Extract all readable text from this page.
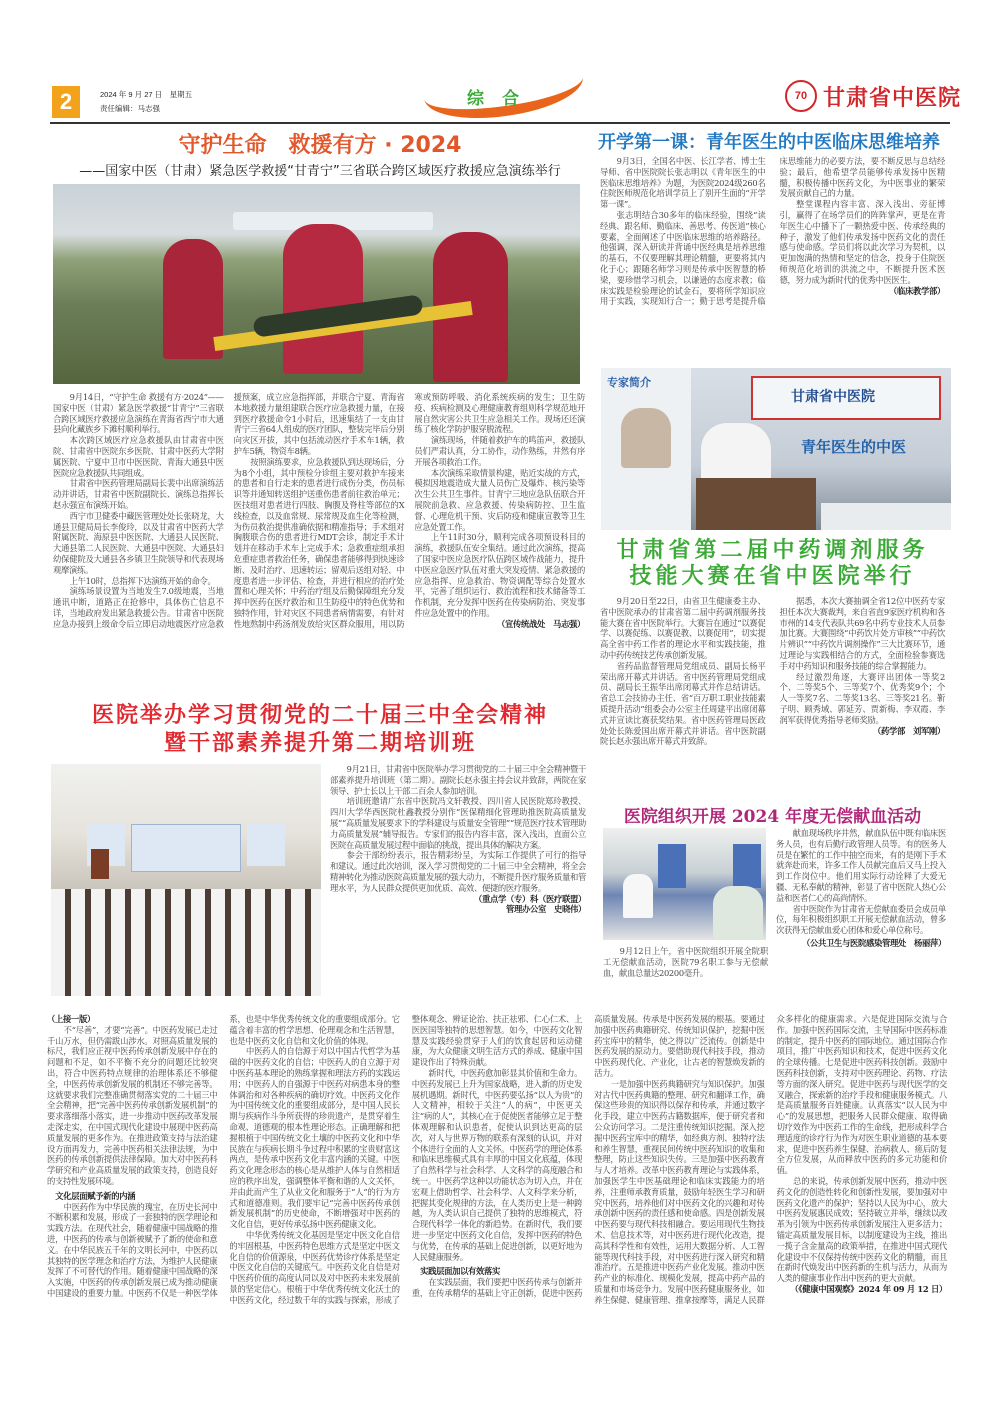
2	2024 年 9 月 27 日　星期五
责任编辑：马志强	综合	70 甘肃省中医院
守护生命　救援有方 · 2024
——国家中医（甘肃）紧急医学救援“甘青宁”三省联合跨区域医疗救援应急演练举行

9月14日，“守护生命 救援有方·2024”——国家中医（甘肃）紧急医学救援“甘青宁”三省联合跨区域医疗救援应急演练在青海省西宁市大通县向化藏族乡下滩村顺利举行。

本次跨区域医疗应急救援队由甘肃省中医院、甘肃省中医院东乡医院、甘肃中医药大学附属医院、宁夏中卫市中医医院、青海大通县中医医院应急救援队共同组成。

甘肃省中医药管理局副局长裴中出席演练活动并讲话，甘肃省中医院副院长、演练总指挥长赵永强宣布演练开始。

西宁市卫健委中藏医管理处处长张晓龙，大通县卫健局局长李俊玲，以及甘肃省中医药大学附属医院、海原县中医医院、大通县人民医院、大通县第二人民医院、大通县中医院、大通县妇幼保健院及大通县各乡镇卫生院领导和代表现场观摩演练。

上午10时，总指挥下达演练开始的命令。

演练场景设置为当地发生7.0级地震，当地通讯中断，道路正在抢修中，具体伤亡信息不详，当地政府发出紧急救援公告。甘肃省中医院应急办接到上级命令后立即启动地震医疗应急救援预案，成立应急指挥部，并联合宁夏、青海省本地救援力量组建联合医疗应急救援力量，在接到医疗救援命令1小时后，迅速集结了一支由甘青宁三省64人组成的医疗团队，整装完毕后分别向灾区开拔，其中包括流动医疗手术车1辆，救护车5辆，物资车8辆。

按照演练要求，应急救援队到达现场后，分为8个小组，其中预检分诊组主要对救护车接来的患者和自行走来的患者进行成伤分类，伤员标识等并通知转送组护送重伤患者前往救治单元；医技组对患者进行四肢、胸腹及脊柱等部位的X线检查，以及血常规、尿常规及血生化等检测，为伤员救治提供准确依据和精准指导；手术组对胸腹联合伤的患者进行MDT会诊，制定手术计划并在移动手术车上完成手术；急救重症组承担危重症患者救治任务，确保患者能够得到快速诊断、及时治疗、迅速转运；留观后送组对轻、中度患者进一步评估、检查，并进行相应的治疗处置和心理关怀；中药治疗组及后勤保障组充分发挥中医药在医疗救治和卫生防疫中的特色优势和独特作用，针对灾区不同患者病情需要，有针对性地熬制中药汤剂发放给灾区群众服用，用以防寒或预防呼吸、消化系统疾病的发生；卫生防疫、疾病检测及心理健康教育组则科学规范地开展自然灾害公共卫生应急相关工作。现场还还演练了核化学防护服穿脱流程。

演练现场，伴随着救护车的鸣笛声，救援队员们严肃认真，分工协作，动作熟练，井然有序开展各项救治工作。

本次演练采取情景构建，贴近实战的方式，模拟因地震造成大量人员伤亡及爆炸、核污染等次生公共卫生事件。甘青宁三地应急队伍联合开展院前急救、应急救援、传染病防控、卫生监督、心理危机干预、灾后防疫和健康宣教等卫生应急处置工作。

上午11时30分，顺利完成各项预设科目的演练，救援队伍安全集结。通过此次演练，提高了国家中医应急医疗队伍跨区域作战能力，提升中医应急医疗队伍对重大突发疫情、紧急救援的应急指挥、应急救治、物资调配等综合处置水平，完善了组织运行、救治流程和技术储备等工作机制，充分发挥中医药在传染病防治、突发事件应急处置中的作用。

（宣传统战处　马志强）

开学第一课：青年医生的中医临床思维培养

9月3日，全国名中医、长江学者、博士生导师、省中医院院长张志明以《青年医生的中医临床思维培养》为题，为医院2024级260名住院医师规范化培训学员上了别开生面的“开学第一课”。

张志明结合30多年的临床经验，围绕“读经典、跟名师、勤临床、善思考、传医道”核心要素，全面阐述了中医临床思维的培养路径。他强调，深入研读并背诵中医经典是培养思维的基石，不仅要理解其理论精髓，更要将其内化于心；跟随名师学习则是传承中医智慧的桥梁，要珍惜学习机会，以谦逊的态度求教；临床实践是检验理论的试金石，要将所学知识应用于实践，实现知行合一；勤于思考是提升临床思维能力的必要方法，要不断反思与总结经验；最后，他希望学员能够传承发扬中医精髓，积极传播中医药文化，为中医事业的繁荣发展贡献自己的力量。

整堂课程内容丰富、深入浅出、旁征博引，赢得了在场学员们的阵阵掌声，更是在青年医生心中播下了一颗热爱中医、传承经典的种子，激发了他们传承发扬中医药文化的责任感与使命感。学员们将以此次学习为契机，以更加饱满的热情和坚定的信念，投身于住院医师规范化培训的洪流之中，不断提升医术医德，努力成为新时代的优秀中医医生。

（临床教学部）

专家简介
甘肃省中医院
青年医生的中医
甘肃省第二届中药调剂服务
技能大赛在省中医院举行

9月20日至22日，由省卫生健康委主办、省中医院承办的甘肃省第二届中药调剂服务技能大赛在省中医院举行。大赛旨在通过“以赛促学、以赛促练、以赛促教、以赛促用”，切实提高全省中药工作者的理论水平和实践技能，推动中药传统技艺传承创新发展。

省药品监督管理局党组成员、副局长杨平荣出席开幕式并讲话。省中医药管理局党组成员、副局长王振华出席闭幕式并作总结讲话。省总工会技协办主任、省“百万职工职业技能素质提升活动”组委会办公室主任周建平出席闭幕式并宣读比赛获奖结果。省中医药管理局医政处处长陈爱国出席开幕式并讲话。省中医院副院长赵永强出席开幕式并致辞。

据悉，本次大赛抽调全省12位中医药专家担任本次大赛裁判，来自省直9家医疗机构和各市州的14支代表队共69名中药专业技术人员参加比赛。大赛围绕“中药饮片处方审核”“中药饮片辨识”“中药饮片调剂操作”三大比赛环节，通过理论与实践相结合的方式，全面检验参赛选手对中药知识和服务技能的综合掌握能力。

经过激烈角逐，大赛评出团体一等奖2个、二等奖5个、三等奖7个、优秀奖9个；个人一等奖7名、二等奖13名、三等奖21名。靳子明、顾秀域、郭延芳、贾新梅、李双霞、李润军获得优秀指导老师奖励。

（药学部　刘军刚）

医院组织开展 2024 年度无偿献血活动

9月12日上午，省中医院组织开展全院职工无偿献血活动，医院79名职工参与无偿献血，献血总量达20200毫升。

献血现场秩序井然，献血队伍中既有临床医务人员，也有后勤行政管理人员等。有的医务人员是在繁忙的工作中抽空而来，有的是刚下手术就奔赴而来，许多工作人员献完血后又马上投入到工作岗位中。他们用实际行动诠释了大爱无疆、无私奉献的精神，彰显了省中医院人热心公益和医者仁心的高尚情怀。

省中医院作为甘肃省无偿献血委员会成员单位，每年积极组织职工开展无偿献血活动，曾多次获得无偿献血爱心团体和爱心单位称号。

（公共卫生与医院感染管理处　杨丽萍）

医院举办学习贯彻党的二十届三中全会精神
暨干部素养提升第二期培训班

9月21日，甘肃省中医院举办学习贯彻党的二十届三中全会精神暨干部素养提升培训班（第二期）。副院长赵永强主持会议并致辞，两院在家领导、护士长以上干部二百余人参加培训。

培训班邀请广东省中医院冯文轩教授、四川省人民医院郑玲教授、四川大学华西医院杜鑫教授分别作“医保精细化管理助推医院高质量发展”“高质量发展要求下的学科建设与质量安全管理”“规范医疗技术管理助力高质量发展”辅导报告。专家们的报告内容丰富，深入浅出，直面公立医院在高质量发展过程中面临的挑战，提出具体的解决方案。

参会干部纷纷表示，报告精彩纷呈，为实际工作提供了可行的指导和建议。通过此次培训，深入学习贯彻党的二十届三中全会精神，将全会精神转化为推动医院高质量发展的强大动力，不断提升医疗服务质量和管理水平，为人民群众提供更加优质、高效、便捷的医疗服务。

（重点学（专）科（医疗联盟）
管理办公室　史晓伟）

（上接一版）

不“尽善”，才要“完善”。中医药发展已走过千山万水，但仍需跋山涉水。对照高质量发展的标尺，我们应正视中医药传承创新发展中存在的问题和不足，如不平衡不充分的问题还比较突出，符合中医药特点规律的治理体系还不够健全，中医药传承创新发展的机制还不够完善等。这就要求我们完整准确贯彻落实党的二十届三中全会精神，把“完善中医药传承创新发展机制”的要求落细落小落实，进一步推动中医药改革发展走深走实，在中国式现代化建设中展现中医药高质量发展的更多作为。在推进政策支持与法治建设方面再发力，完善中医药相关法律法规，为中医药的传承创新提供法律保障。加大对中医药科学研究和产业高质量发展的政策支持，创造良好的支持性发展环境。

文化层面赋予新的内涵

中医药作为中华民族的瑰宝，在历史长河中不断积累和发展，形成了一套独特的医学理论和实践方法。在现代社会，随着健康中国战略的推进，中医药的传承与创新被赋予了新的使命和意义。在中华民族五千年的文明长河中，中医药以其独特的医学理念和治疗方法，为维护人民健康发挥了不可替代的作用。随着健康中国战略的深入实施，中医药的传承创新发展已成为推动健康中国建设的重要力量。中医药不仅是一种医学体系，也是中华优秀传统文化的重要组成部分。它蕴含着丰富的哲学思想、伦理观念和生活智慧，也是中医药文化自信和文化价值的体现。

中医药人的自信源于对以中国古代哲学为基础的中医药文化的自信；中医药人的自立源于对中医药基本理论的熟练掌握和理法方药的实践运用；中医药人的自强源于中医药对病患本身的整体调治和对各种疾病的确切疗效。中医药文化作为中国传统文化的重要组成部分，是中国人民长期与疾病作斗争所获得的珍贵遗产，是贯穿着生命观、道德观的根本性理论形态。正确理解和把握根植于中国传统文化土壤的中医药文化和中华民族在与疾病长期斗争过程中积累的宝贵财富这两点，是传承中医药文化丰富内涵的关键。中医药文化理念形态的核心是从维护人体与自然相适应的秩序出发，强调整体平衡和谐的人文关怀，并由此而产生了从业文化和服务于“人”的行为方式和道德准则。我们要牢记“完善中医药传承创新发展机制”的历史使命，不断增强对中医药的文化自信，更好传承弘扬中医药健康文化。

中华优秀传统文化基因是坚定中医文化自信的牢固根基，中医药特色思维方式是坚定中医文化自信的价值源泉，中医药优势诊疗体系是坚定中医文化自信的关键底气。中医药文化自信是对中医药价值的高度认同以及对中医药未来发展前景的坚定信心。根植于中华优秀传统文化沃土的中医药文化，经过数千年的实践与探索，形成了整体观念、辨证论治、扶正祛邪、仁心仁术、上医医国等独特的思想智慧。如今，中医药文化智慧及实践经验贯穿于人们的饮食起居和运动健康，为大众健康文明生活方式的养成、健康中国建设作出了特殊贡献。

新时代，中医药愈加彰显其价值和生命力。中医药发展已上升为国家战略，进入新的历史发展机遇期。新时代，中医药要弘扬“以人为贵”的人文精神，相较于关注“人的病”，中医更关注“病的人”，其核心在于促使医者能够立足于整体观理解和认识患者，促使认识到达更高的层次，对人与世界万物的联系有深刻的认识，并对个体进行全面的人文关怀。中医药学的理论体系和临床思维模式具有丰厚的中国文化底蕴，体现了自然科学与社会科学、人文科学的高度融合和统一。中医药学这种以功能状态为切入点，并在宏观上借助哲学、社会科学、人文科学来分析，把握其变化规律的方法，在人类历史上是一种跨越，为人类认识自己提供了独特的思维模式，符合现代科学一体化的新趋势。在新时代，我们要进一步坚定中医药文化自信，发挥中医药的特色与优势，在传承的基础上促进创新，以更好地为人民健康服务。

实践层面加以有效落实

在实践层面，我们要把中医药传承与创新并重，在传承精华的基础上守正创新，促进中医药高质量发展。传承是中医药发展的根基。要通过加强中医药典籍研究、传统知识保护，挖掘中医药宝库中的精华，使之得以广泛流传。创新是中医药发展的原动力。要借助现代科技手段，推动中医药现代化、产业化，让古老的智慧焕发新的活力。

一是加强中医药典籍研究与知识保护。加强对古代中医药典籍的整理、研究和翻译工作，确保这些珍贵的知识得以保存和传承，并通过数字化手段，建立中医药古籍数据库，便于研究者和公众访问学习。二是注重传统知识挖掘。深入挖掘中医药宝库中的精华，如经典方剂、独特疗法和养生智慧，重视民间传统中医药知识的收集和整理，防止这些知识失传。三是加强中医药教育与人才培养。改革中医药教育理论与实践体系，加强医学生中医基础理论和临床实践能力的培养，注重师承教育质量，鼓励年轻医生学习和研究中医药，培养他们对中医药文化的兴趣和对传承创新中医药的责任感和使命感。四是创新发展中医药要与现代科技相融合。要运用现代生物技术、信息技术等，对中医药进行现代化改造，提高其科学性和有效性，运用大数据分析、人工智能等现代科技手段，对中医药进行深入研究和精准治疗。五是推进中医药产业化发展。推动中医药产业的标准化、规模化发展，提高中药产品的质量和市场竞争力。发展中医药健康服务业，如养生保健、健康管理、推拿按摩等，满足人民群众多样化的健康需求。六是促进国际交流与合作。加强中医药国际交流，主导国际中医药标准的制定，提升中医药的国际地位。通过国际合作项目，推广中医药知识和技术，促进中医药文化的全球传播。七是促进中医药科技创新。鼓励中医药科技创新，支持对中医药理论、药物、疗法等方面的深入研究。促进中医药与现代医学的交叉融合，探索新的治疗手段和健康服务模式。八是高质量服务百姓健康。认真落实“以人民为中心”的发展思想，把服务人民群众健康、取得确切疗效作为中医药工作的生命线，把形成科学合理适度的诊疗行为作为对医生职业道德的基本要求，促进中医药养生保健、治病救人、瘥后防复全方位发展，从而释放中医药的多元功能和价值。

总的来说，传承创新发展中医药，推动中医药文化的创造性转化和创新性发展，要加强对中医药文化遗产的保护；坚持以人民为中心，放大中医药发展惠民成效；坚持破立并举，继续以改革为引领为中医药传承创新发展注入更多活力；锚定高质量发展目标，以制度建设为主线，推出一揽子含金量高的政策举措，在推进中国式现代化建设中不仅保持传统中医药文化的精髓，而且在新时代焕发出中医药新的生机与活力，从而为人类的健康事业作出中医药的更大贡献。

（《健康中国观察》2024 年 09 月 12 日）
